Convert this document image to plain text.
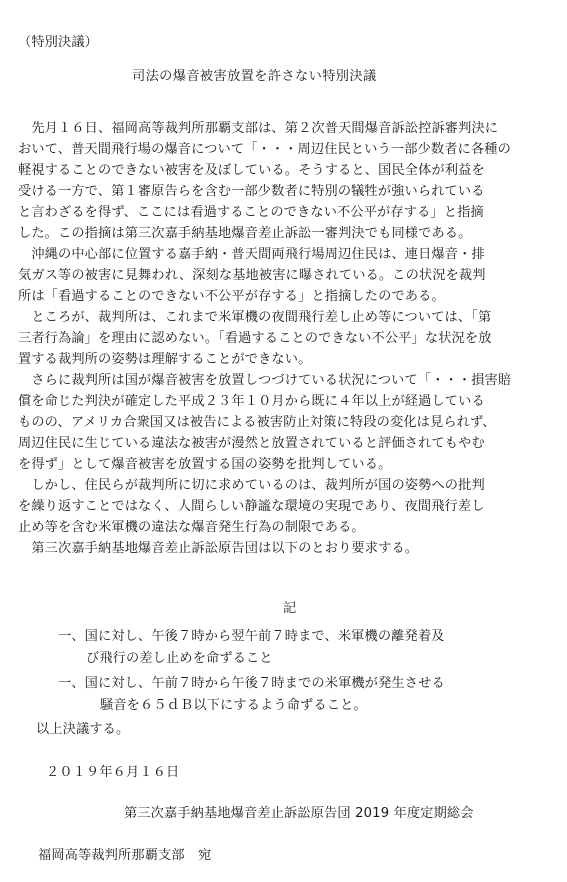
（特別決議）
司法の爆音被害放置を許さない特別決議
　先月１６日、福岡高等裁判所那覇支部は、第２次普天間爆音訴訟控訴審判決に
おいて、普天間飛行場の爆音について「・・・周辺住民という一部少数者に各種の
軽視することのできない被害を及ぼしている。そうすると、国民全体が利益を
受ける一方で、第１審原告らを含む一部少数者に特別の犠牲が強いられている
と言わざるを得ず、ここには看過することのできない不公平が存する」と指摘
した。この指摘は第三次嘉手納基地爆音差止訴訟一審判決でも同様である。
　沖縄の中心部に位置する嘉手納・普天間両飛行場周辺住民は、連日爆音・排
気ガス等の被害に見舞われ、深刻な基地被害に曝されている。この状況を裁判
所は「看過することのできない不公平が存する」と指摘したのである。
　ところが、裁判所は、これまで米軍機の夜間飛行差し止め等については、「第
三者行為論」を理由に認めない。「看過することのできない不公平」な状況を放
置する裁判所の姿勢は理解することができない。
　さらに裁判所は国が爆音被害を放置しつづけている状況について「・・・損害賠
償を命じた判決が確定した平成２３年１０月から既に４年以上が経過している
ものの、アメリカ合衆国又は被告による被害防止対策に特段の変化は見られず、
周辺住民に生じている違法な被害が漫然と放置されていると評価されてもやむ
を得ず」として爆音被害を放置する国の姿勢を批判している。
　しかし、住民らが裁判所に切に求めているのは、裁判所が国の姿勢への批判
を繰り返すことではなく、人間らしい静謐な環境の実現であり、夜間飛行差し
止め等を含む米軍機の違法な爆音発生行為の制限である。
　第三次嘉手納基地爆音差止訴訟原告団は以下のとおり要求する。
記
一、国に対し、午後７時から翌午前７時まで、米軍機の離発着及
び飛行の差し止めを命ずること
一、国に対し、午前７時から午後７時までの米軍機が発生させる
騒音を６５ｄＢ以下にするよう命ずること。
以上決議する。
２０１９年６月１６日
第三次嘉手納基地爆音差止訴訟原告団 2019 年度定期総会
福岡高等裁判所那覇支部　宛
